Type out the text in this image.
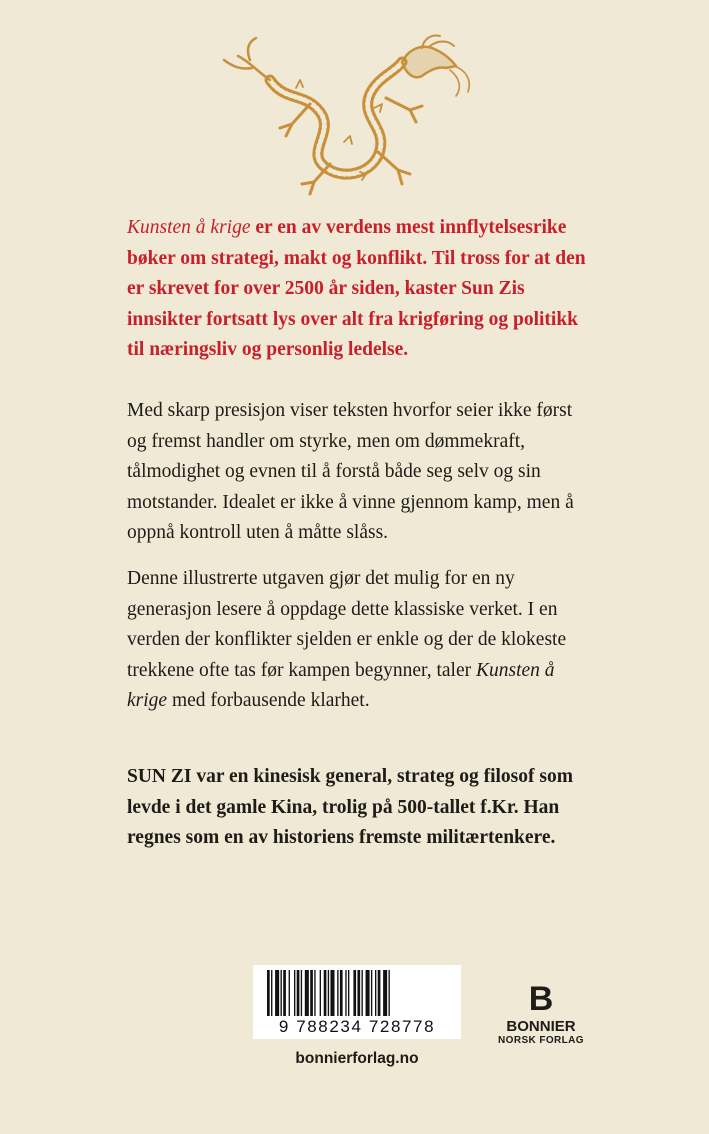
Kunsten å krige er en av verdens mest innflytelsesrike bøker om strategi, makt og konflikt. Til tross for at den er skrevet for over 2500 år siden, kaster Sun Zis innsikter fortsatt lys over alt fra krigføring og politikk til næringsliv og personlig ledelse.

Med skarp presisjon viser teksten hvorfor seier ikke først og fremst handler om styrke, men om dømmekraft, tålmodighet og evnen til å forstå både seg selv og sin motstander. Idealet er ikke å vinne gjennom kamp, men å oppnå kontroll uten å måtte slåss.

Denne illustrerte utgaven gjør det mulig for en ny generasjon lesere å oppdage dette klassiske verket. I en verden der konflikter sjelden er enkle og der de klokeste trekkene ofte tas før kampen begynner, taler Kunsten å krige med forbausende klarhet.

SUN ZI var en kinesisk general, strateg og filosof som levde i det gamle Kina, trolig på 500-tallet f.Kr. Han regnes som en av historiens fremste militærtenkere.

9 788234 728778
bonnierforlag.no
B
BONNIER
NORSK FORLAG
